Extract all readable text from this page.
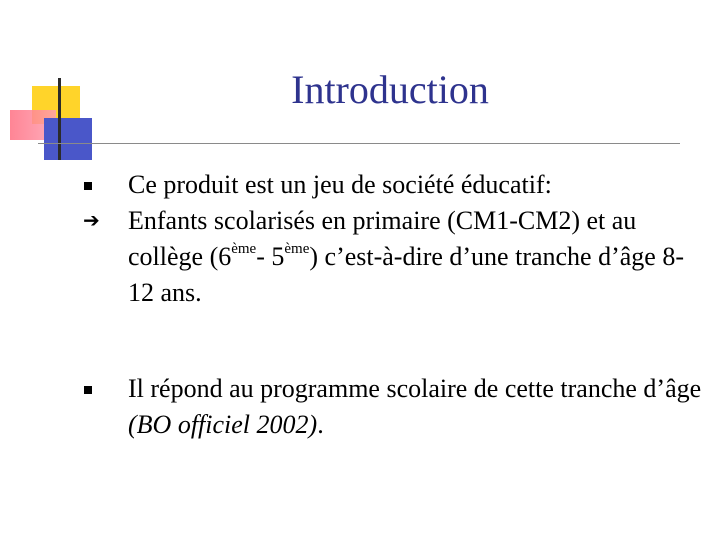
Introduction
Ce produit est un jeu de société éducatif:
➔ Enfants scolarisés en primaire (CM1-CM2) et au collège (6ème- 5ème) c’est-à-dire d’une tranche d’âge 8-12 ans.
Il répond au programme scolaire de cette tranche d’âge (BO officiel 2002).
